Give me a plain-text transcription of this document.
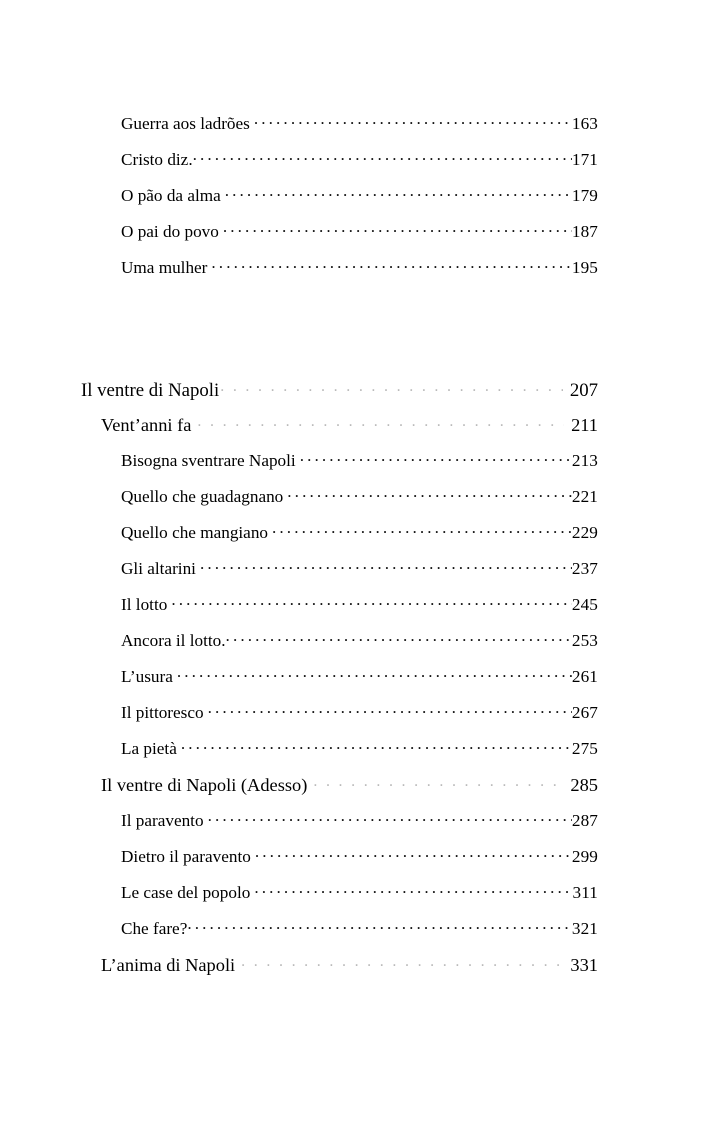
Guerra aos ladrões . . .	163
Cristo diz. . . .	171
O pão da alma . . .	179
O pai do povo . . .	187
Uma mulher . . .	195
Il ventre di Napoli . .	207
Vent’anni fa . .	211
Bisogna sventrare Napoli . . .	213
Quello che guadagnano . . .	221
Quello che mangiano . . .	229
Gli altarini . . .	237
Il lotto . . .	245
Ancora il lotto. . . .	253
L’usura . . .	261
Il pittoresco . . .	267
La pietà . . .	275
Il ventre di Napoli (Adesso) . .	285
Il paravento . . .	287
Dietro il paravento . . .	299
Le case del popolo . . .	311
Che fare? . . .	321
L’anima di Napoli . .	331
